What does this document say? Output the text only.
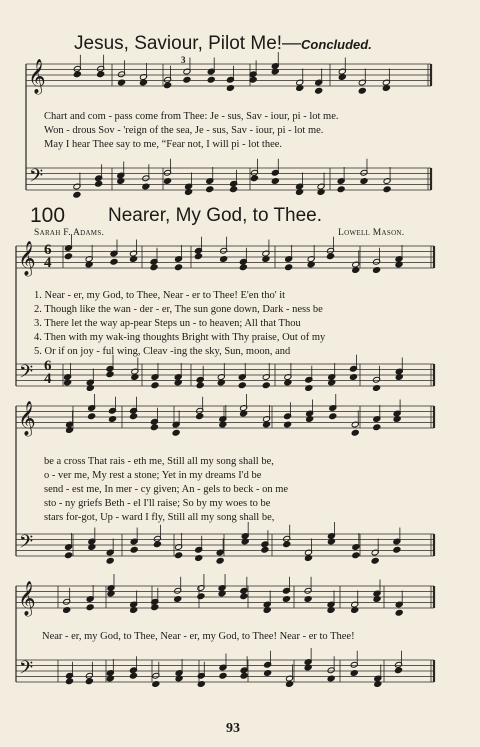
𝄞
𝄢
𝄞
𝄢
𝄞
𝄢
𝄞
𝄢
Jesus, Saviour, Pilot Me!—Concluded.
3
Chart and com - pass come from Thee: Je - sus, Sav - iour, pi - lot me.
Won - drous Sov - 'reign of the sea, Je - sus, Sav - iour, pi - lot me.
May I hear Thee say to me, “Fear not, I will pi - lot thee.
100 Nearer, My God, to Thee.
Sarah F. Adams.	Lowell Mason.
6
4
6
4
1. Near - er, my God, to Thee, Near - er to Thee! E'en tho' it
2. Though like the wan - der - er, The sun gone down, Dark - ness be
3. There let the way ap-pear Steps un - to heaven; All that Thou
4. Then with my wak-ing thoughts Bright with Thy praise, Out of my
5. Or if on joy - ful wing, Cleav -ing the sky, Sun, moon, and
be a cross That rais - eth me, Still all my song shall be,
o - ver me, My rest a stone; Yet in my dreams I'd be
send - est me, In mer - cy given; An - gels to beck - on me
sto - ny griefs Beth - el I'll raise; So by my woes to be
stars for-got, Up - ward I fly, Still all my song shall be,
Near - er, my God, to Thee, Near - er, my God, to Thee! Near - er to Thee!
93
